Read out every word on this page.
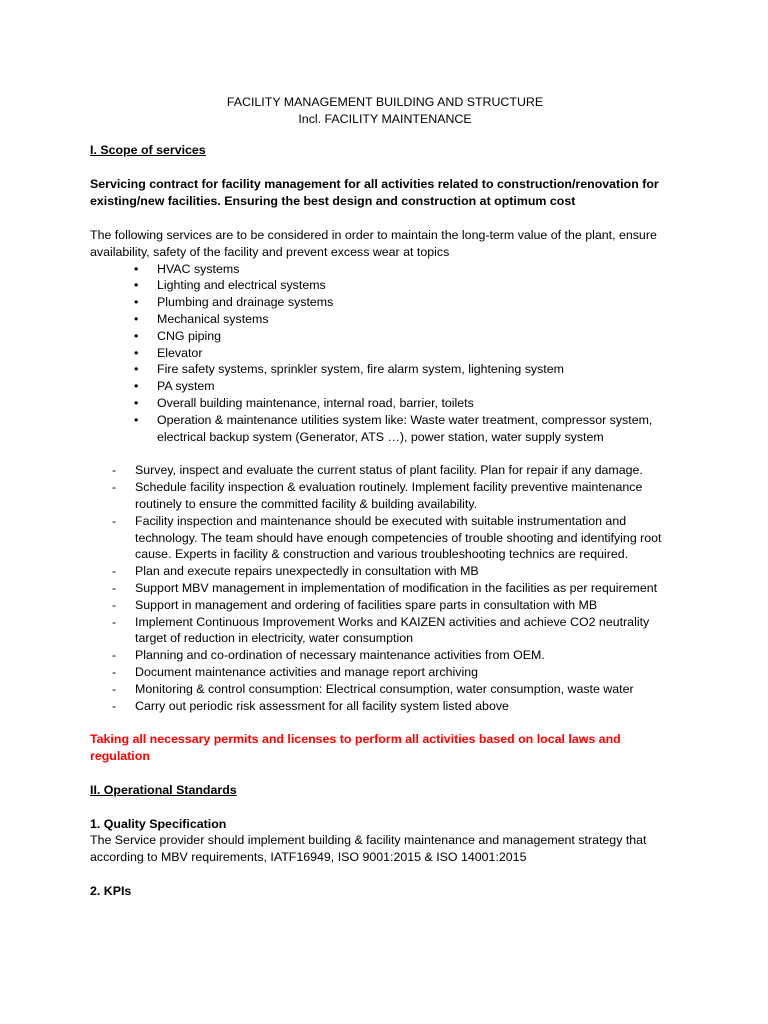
FACILITY MANAGEMENT BUILDING AND STRUCTURE
Incl. FACILITY MAINTENANCE
I. Scope of services

Servicing contract for facility management for all activities related to construction/renovation for existing/new facilities. Ensuring the best design and construction at optimum cost

The following services are to be considered in order to maintain the long-term value of the plant, ensure availability, safety of the facility and prevent excess wear at topics

• HVAC systems
• Lighting and electrical systems
• Plumbing and drainage systems
• Mechanical systems
• CNG piping
• Elevator
• Fire safety systems, sprinkler system, fire alarm system, lightening system
• PA system
• Overall building maintenance, internal road, barrier, toilets
• Operation & maintenance utilities system like: Waste water treatment, compressor system, electrical backup system (Generator, ATS …), power station, water supply system
- Survey, inspect and evaluate the current status of plant facility. Plan for repair if any damage.
- Schedule facility inspection & evaluation routinely. Implement facility preventive maintenance routinely to ensure the committed facility & building availability.
- Facility inspection and maintenance should be executed with suitable instrumentation and technology. The team should have enough competencies of trouble shooting and identifying root cause. Experts in facility & construction and various troubleshooting technics are required.
- Plan and execute repairs unexpectedly in consultation with MB
- Support MBV management in implementation of modification in the facilities as per requirement
- Support in management and ordering of facilities spare parts in consultation with MB
- Implement Continuous Improvement Works and KAIZEN activities and achieve CO2 neutrality target of reduction in electricity, water consumption
- Planning and co-ordination of necessary maintenance activities from OEM.
- Document maintenance activities and manage report archiving
- Monitoring & control consumption: Electrical consumption, water consumption, waste water
- Carry out periodic risk assessment for all facility system listed above

Taking all necessary permits and licenses to perform all activities based on local laws and regulation

II. Operational Standards
1. Quality Specification

The Service provider should implement building & facility maintenance and management strategy that according to MBV requirements, IATF16949, ISO 9001:2015 & ISO 14001:2015

2. KPIs
